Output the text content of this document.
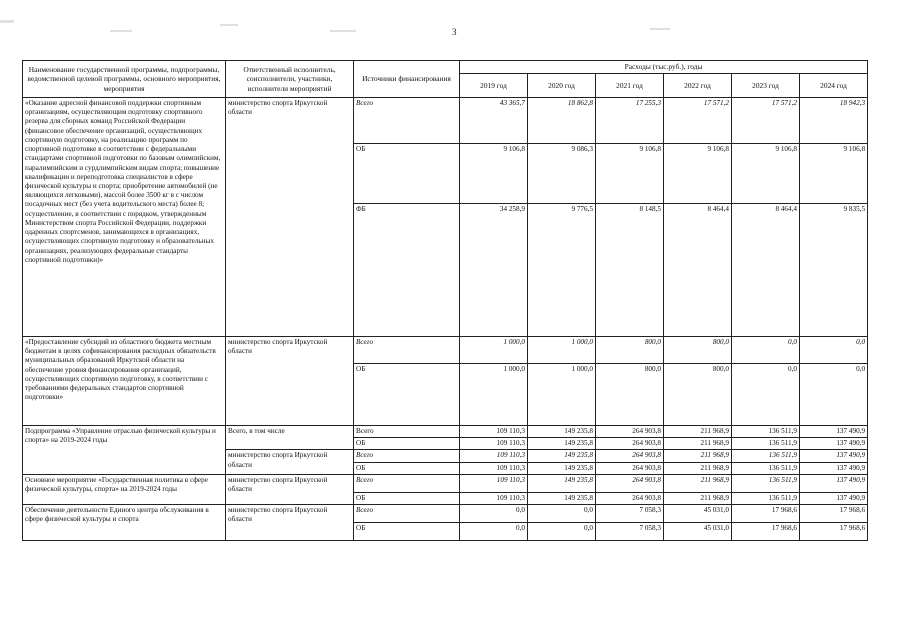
3
Наименование государственной программы, подпрограммы, ведомственной целевой программы, основного мероприятия, мероприятия	Ответственный исполнитель, соисполнители, участники, исполнители мероприятий	Источники финансирования	Расходы (тыс.руб.), годы					
			2019 год	2020 год	2021 год	2022 год	2023 год	2024 год
«Оказание адресной финансовой поддержки спортивным организациям, осуществляющим подготовку спортивного резерва для сборных команд Российской Федерации (финансовое обеспечение организаций, осуществляющих спортивную подготовку, на реализацию программ по спортивной подготовке в соответствии с федеральными стандартами спортивной подготовки по базовым олимпийским, паралимпийским и сурдлимпийским видам спорта; повышение квалификации и переподготовка специалистов в сфере физической культуры и спорта; приобретение автомобилей (не являющихся легковыми), массой более 3500 кг в с числом посадочных мест (без учета водительского места) более 8; осуществление, в соответствии с порядком, утвержденным Министерством спорта Российской Федерации, поддержки одаренных спортсменов, занимающихся в организациях, осуществляющих спортивную подготовку и образовательных организациях, реализующих федеральные стандарты спортивной подготовки)»	министерство спорта Иркутской области	Всего	43 365,7	18 862,8	17 255,3	17 571,2	17 571,2	18 942,3
		ОБ	9 106,8	9 086,3	9 106,8	9 106,8	9 106,8	9 106,8
		ФБ	34 258,9	9 776,5	8 148,5	8 464,4	8 464,4	9 835,5
«Предоставление субсидий из областного бюджета местным бюджетам в целях софинансирования расходных обязательств муниципальных образований Иркутской области на обеспечение уровня финансирования организаций, осуществляющих спортивную подготовку, в соответствии с требованиями федеральных стандартов спортивной подготовки»	министерство спорта Иркутской области	Всего	1 000,0	1 000,0	800,0	800,0	0,0	0,0
		ОБ	1 000,0	1 000,0	800,0	800,0	0,0	0,0
Подпрограмма «Управление отраслью физической культуры и спорта» на 2019-2024 годы	Всего, в том числе	Всего	109 110,3	149 235,8	264 903,8	211 968,9	136 511,9	137 490,9
		ОБ	109 110,3	149 235,8	264 903,8	211 968,9	136 511,9	137 490,9
	министерство спорта Иркутской области	Всего	109 110,3	149 235,8	264 903,8	211 968,9	136 511,9	137 490,9
		ОБ	109 110,3	149 235,8	264 903,8	211 968,9	136 511,9	137 490,9
Основное мероприятие «Государственная политика в сфере физической культуры, спорта» на 2019-2024 годы	министерство спорта Иркутской области	Всего	109 110,3	149 235,8	264 903,8	211 968,9	136 511,9	137 490,9
		ОБ	109 110,3	149 235,8	264 903,8	211 968,9	136 511,9	137 490,9
Обеспечение деятельности Единого центра обслуживания в сфере физической культуры и спорта	министерство спорта Иркутской области	Всего	0,0	0,0	7 058,3	45 031,0	17 968,6	17 968,6
		ОБ	0,0	0,0	7 058,3	45 031,0	17 968,6	17 968,6
